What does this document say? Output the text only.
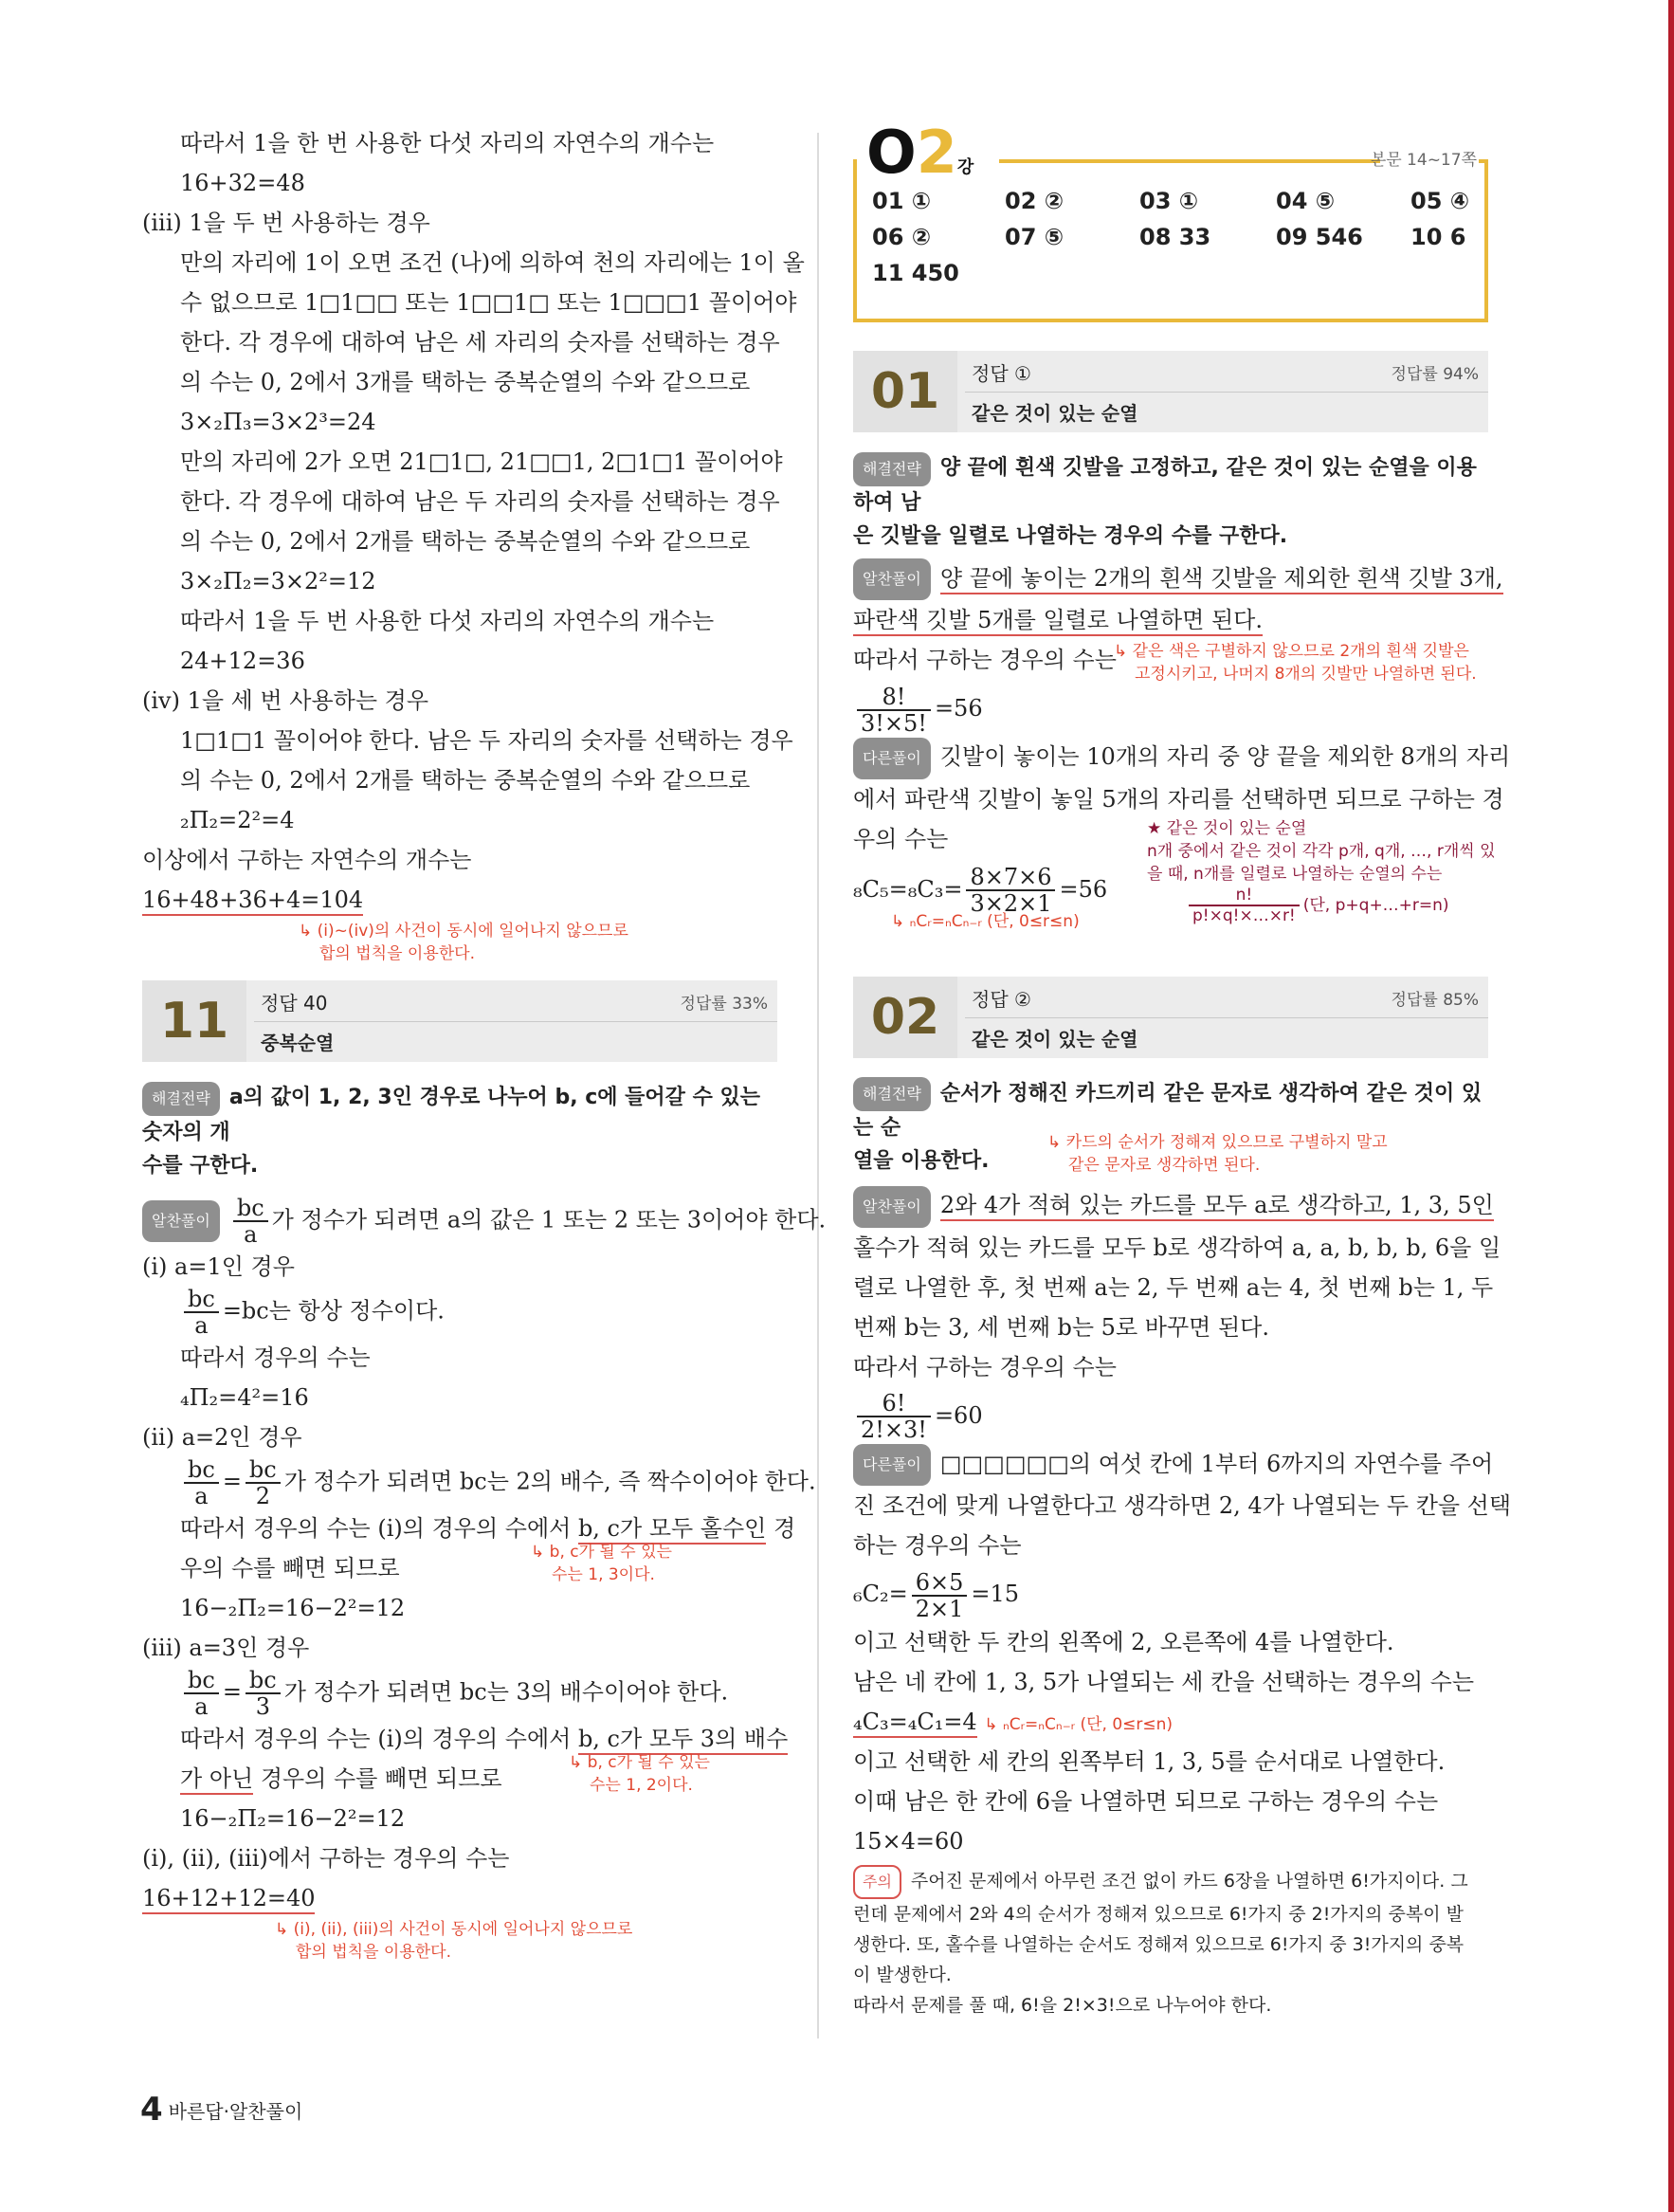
따라서 1을 한 번 사용한 다섯 자리의 자연수의 개수는
16+32=48
(iii) 1을 두 번 사용하는 경우
만의 자리에 1이 오면 조건 (나)에 의하여 천의 자리에는 1이 올
수 없으므로 1□1□□ 또는 1□□1□ 또는 1□□□1 꼴이어야
한다. 각 경우에 대하여 남은 세 자리의 숫자를 선택하는 경우
의 수는 0, 2에서 3개를 택하는 중복순열의 수와 같으므로
3×₂Π₃=3×2³=24
만의 자리에 2가 오면 21□1□, 21□□1, 2□1□1 꼴이어야
한다. 각 경우에 대하여 남은 두 자리의 숫자를 선택하는 경우
의 수는 0, 2에서 2개를 택하는 중복순열의 수와 같으므로
3×₂Π₂=3×2²=12
따라서 1을 두 번 사용한 다섯 자리의 자연수의 개수는
24+12=36
(iv) 1을 세 번 사용하는 경우
1□1□1 꼴이어야 한다. 남은 두 자리의 숫자를 선택하는 경우
의 수는 0, 2에서 2개를 택하는 중복순열의 수와 같으므로
₂Π₂=2²=4
이상에서 구하는 자연수의 개수는
16+48+36+4=104
↳ (i)~(iv)의 사건이 동시에 일어나지 않으므로
합의 법칙을 이용한다.
11	정답 40	정답률 33%
중복순열
해결전략 a의 값이 1, 2, 3인 경우로 나누어 b, c에 들어갈 수 있는 숫자의 개
수를 구한다.
알찬풀이 $\frac{bc}{a}$ 가 정수가 되려면 a의 값은 1 또는 2 또는 3이어야 한다.
(i) a=1인 경우
$\frac{bc}{a} =bc$는 항상 정수이다.
따라서 경우의 수는
₄Π₂=4²=16
(ii) a=2인 경우
$\frac{bc}{a} = \frac{bc}{2}$ 가 정수가 되려면 bc는 2의 배수, 즉 짝수이어야 한다.
따라서 경우의 수는 (i)의 경우의 수에서 b, c가 모두 홀수인 경
우의 수를 빼면 되므로
↳ b, c가 될 수 있는
수는 1, 3이다.
16−₂Π₂=16−2²=12
(iii) a=3인 경우
$\frac{bc}{a} = \frac{bc}{3}$ 가 정수가 되려면 bc는 3의 배수이어야 한다.
따라서 경우의 수는 (i)의 경우의 수에서 b, c가 모두 3의 배수
가 아닌 경우의 수를 빼면 되므로
↳ b, c가 될 수 있는
수는 1, 2이다.
16−₂Π₂=16−2²=12
(i), (ii), (iii)에서 구하는 경우의 수는
16+12+12=40
↳ (i), (ii), (iii)의 사건이 동시에 일어나지 않으므로
합의 법칙을 이용한다.
O2강	본문 14~17쪽
01 ①	02 ②	03 ①	04 ⑤	05 ④
06 ②	07 ⑤	08 33	09 546 10 6
11 450
01	정답 ①	정답률 94%
같은 것이 있는 순열
해결전략 양 끝에 흰색 깃발을 고정하고, 같은 것이 있는 순열을 이용하여 남
은 깃발을 일렬로 나열하는 경우의 수를 구한다.
알찬풀이 양 끝에 놓이는 2개의 흰색 깃발을 제외한 흰색 깃발 3개,
파란색 깃발 5개를 일렬로 나열하면 된다.
따라서 구하는 경우의 수는
↳ 같은 색은 구별하지 않으므로 2개의 흰색 깃발은
고정시키고, 나머지 8개의 깃발만 나열하면 된다.
$\frac{8!}{3!\times 5!} =56$
다른풀이 깃발이 놓이는 10개의 자리 중 양 끝을 제외한 8개의 자리
에서 파란색 깃발이 놓일 5개의 자리를 선택하면 되므로 구하는 경
우의 수는	★ 같은 것이 있는 순열
n개 중에서 같은 것이 각각 p개, q개, …, r개씩 있
을 때, n개를 일렬로 나열하는 순열의 수는
$\frac{n!}{p!\times q!\times\dots\times r!}$ (단, p+q+…+r=n)
$_8C_5=_8C_3= \frac{8\times 7\times 6}{3\times 2\times 1} =56$
↳ ₙCᵣ=ₙCₙ₋ᵣ (단, 0≤r≤n)
02	정답 ②	정답률 85%
같은 것이 있는 순열
해결전략 순서가 정해진 카드끼리 같은 문자로 생각하여 같은 것이 있는 순
열을 이용한다.
↳ 카드의 순서가 정해져 있으므로 구별하지 말고
같은 문자로 생각하면 된다.
알찬풀이 2와 4가 적혀 있는 카드를 모두 a로 생각하고, 1, 3, 5인
홀수가 적혀 있는 카드를 모두 b로 생각하여 a, a, b, b, b, 6을 일
렬로 나열한 후, 첫 번째 a는 2, 두 번째 a는 4, 첫 번째 b는 1, 두
번째 b는 3, 세 번째 b는 5로 바꾸면 된다.
따라서 구하는 경우의 수는
$\frac{6!}{2!\times 3!} =60$
다른풀이 □□□□□□의 여섯 칸에 1부터 6까지의 자연수를 주어
진 조건에 맞게 나열한다고 생각하면 2, 4가 나열되는 두 칸을 선택
하는 경우의 수는
$_6C_2= \frac{6\times 5}{2\times 1} =15$
이고 선택한 두 칸의 왼쪽에 2, 오른쪽에 4를 나열한다.
남은 네 칸에 1, 3, 5가 나열되는 세 칸을 선택하는 경우의 수는
₄C₃=₄C₁=4 ↳ ₙCᵣ=ₙCₙ₋ᵣ (단, 0≤r≤n)
이고 선택한 세 칸의 왼쪽부터 1, 3, 5를 순서대로 나열한다.
이때 남은 한 칸에 6을 나열하면 되므로 구하는 경우의 수는
15×4=60
주의 주어진 문제에서 아무런 조건 없이 카드 6장을 나열하면 6!가지이다. 그
런데 문제에서 2와 4의 순서가 정해져 있으므로 6!가지 중 2!가지의 중복이 발
생한다. 또, 홀수를 나열하는 순서도 정해져 있으므로 6!가지 중 3!가지의 중복
이 발생한다.
따라서 문제를 풀 때, 6!을 2!×3!으로 나누어야 한다.
4 바른답·알찬풀이
